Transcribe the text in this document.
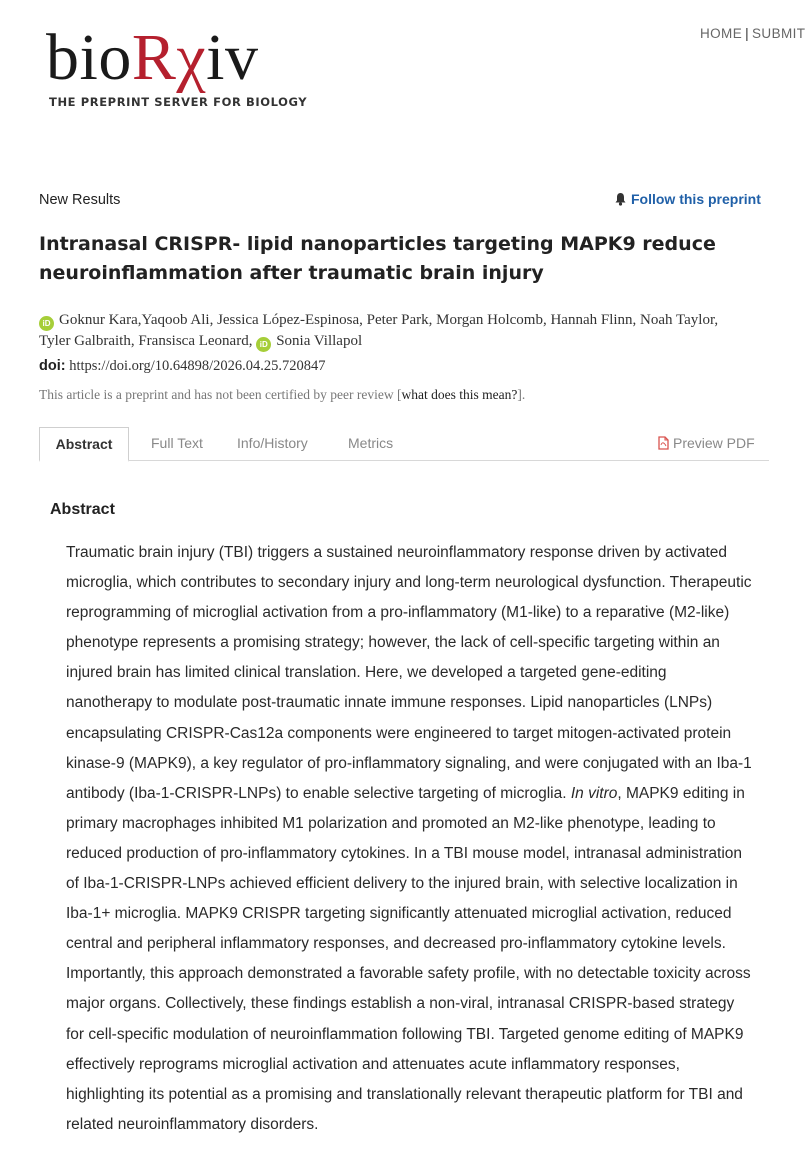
bioRχiv
THE PREPRINT SERVER FOR BIOLOGY
HOME | SUBMIT
New Results	Follow this preprint
Intranasal CRISPR- lipid nanoparticles targeting MAPK9 reduce neuroinflammation after traumatic brain injury
iD Goknur Kara,Yaqoob Ali, Jessica López-Espinosa, Peter Park, Morgan Holcomb, Hannah Flinn, Noah Taylor,
Tyler Galbraith, Fransisca Leonard, iD Sonia Villapol
doi: https://doi.org/10.64898/2026.04.25.720847
This article is a preprint and has not been certified by peer review [what does this mean?].
Abstract	Full Text Info/History	Metrics	Preview PDF
Abstract
Traumatic brain injury (TBI) triggers a sustained neuroinflammatory response driven by activated microglia, which contributes to secondary injury and long-term neurological dysfunction. Therapeutic reprogramming of microglial activation from a pro-inflammatory (M1-like) to a reparative (M2-like) phenotype represents a promising strategy; however, the lack of cell-specific targeting within an injured brain has limited clinical translation. Here, we developed a targeted gene-editing nanotherapy to modulate post-traumatic innate immune responses. Lipid nanoparticles (LNPs) encapsulating CRISPR-Cas12a components were engineered to target mitogen-activated protein kinase-9 (MAPK9), a key regulator of pro-inflammatory signaling, and were conjugated with an Iba-1 antibody (Iba-1-CRISPR-LNPs) to enable selective targeting of microglia. In vitro, MAPK9 editing in primary macrophages inhibited M1 polarization and promoted an M2-like phenotype, leading to reduced production of pro-inflammatory cytokines. In a TBI mouse model, intranasal administration of Iba-1-CRISPR-LNPs achieved efficient delivery to the injured brain, with selective localization in Iba-1+ microglia. MAPK9 CRISPR targeting significantly attenuated microglial activation, reduced central and peripheral inflammatory responses, and decreased pro-inflammatory cytokine levels. Importantly, this approach demonstrated a favorable safety profile, with no detectable toxicity across major organs. Collectively, these findings establish a non-viral, intranasal CRISPR-based strategy for cell-specific modulation of neuroinflammation following TBI. Targeted genome editing of MAPK9 effectively reprograms microglial activation and attenuates acute inflammatory responses, highlighting its potential as a promising and translationally relevant therapeutic platform for TBI and related neuroinflammatory disorders.
